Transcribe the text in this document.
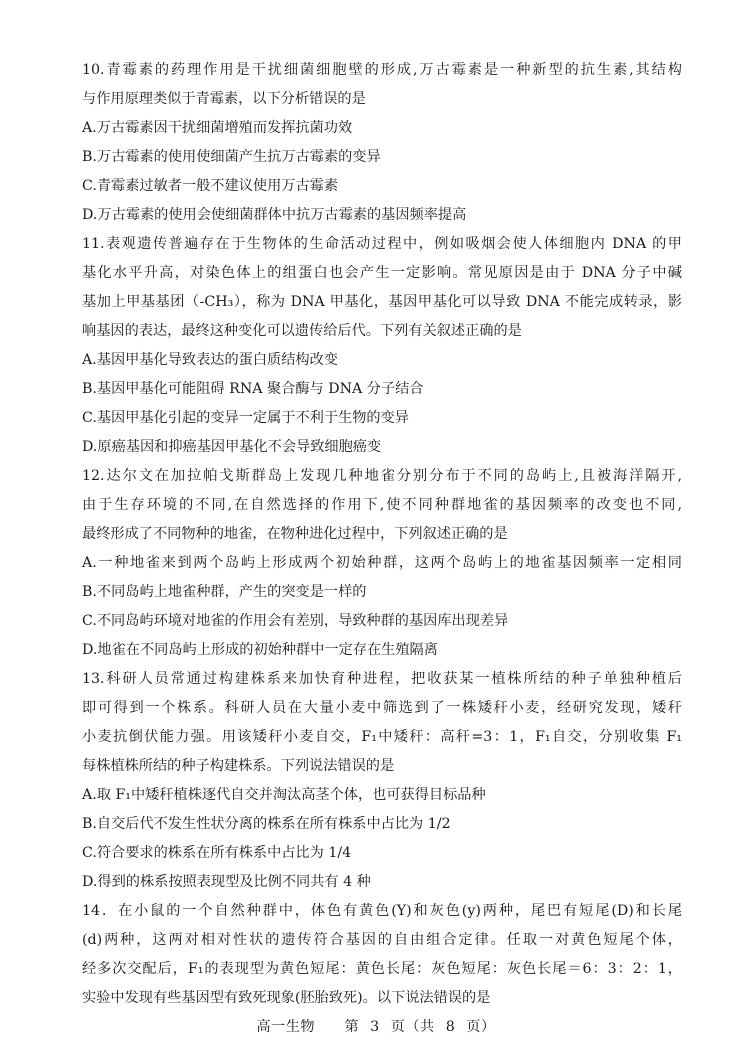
10.青霉素的药理作用是干扰细菌细胞壁的形成,万古霉素是一种新型的抗生素,其结构
与作用原理类似于青霉素，以下分析错误的是
A.万古霉素因干扰细菌增殖而发挥抗菌功效
B.万古霉素的使用使细菌产生抗万古霉素的变异
C.青霉素过敏者一般不建议使用万古霉素
D.万古霉素的使用会使细菌群体中抗万古霉素的基因频率提高
11.表观遗传普遍存在于生物体的生命活动过程中，例如吸烟会使人体细胞内 DNA 的甲
基化水平升高，对染色体上的组蛋白也会产生一定影响。常见原因是由于 DNA 分子中碱
基加上甲基基团（-CH₃），称为 DNA 甲基化，基因甲基化可以导致 DNA 不能完成转录，影
响基因的表达，最终这种变化可以遗传给后代。下列有关叙述正确的是
A.基因甲基化导致表达的蛋白质结构改变
B.基因甲基化可能阻碍 RNA 聚合酶与 DNA 分子结合
C.基因甲基化引起的变异一定属于不利于生物的变异
D.原癌基因和抑癌基因甲基化不会导致细胞癌变
12.达尔文在加拉帕戈斯群岛上发现几种地雀分别分布于不同的岛屿上,且被海洋隔开,
由于生存环境的不同,在自然选择的作用下,使不同种群地雀的基因频率的改变也不同,
最终形成了不同物种的地雀，在物种进化过程中，下列叙述正确的是
A.一种地雀来到两个岛屿上形成两个初始种群，这两个岛屿上的地雀基因频率一定相同
B.不同岛屿上地雀种群，产生的突变是一样的
C.不同岛屿环境对地雀的作用会有差别，导致种群的基因库出现差异
D.地雀在不同岛屿上形成的初始种群中一定存在生殖隔离
13.科研人员常通过构建株系来加快育种进程，把收获某一植株所结的种子单独种植后
即可得到一个株系。科研人员在大量小麦中筛选到了一株矮秆小麦，经研究发现，矮秆
小麦抗倒伏能力强。用该矮秆小麦自交，F₁中矮秆：高秆=3：1，F₁自交，分别收集 F₁
每株植株所结的种子构建株系。下列说法错误的是
A.取 F₁中矮秆植株逐代自交并淘汰高茎个体，也可获得目标品种
B.自交后代不发生性状分离的株系在所有株系中占比为 1/2
C.符合要求的株系在所有株系中占比为 1/4
D.得到的株系按照表现型及比例不同共有 4 种
14．在小鼠的一个自然种群中，体色有黄色(Y)和灰色(y)两种，尾巴有短尾(D)和长尾
(d)两种，这两对相对性状的遗传符合基因的自由组合定律。任取一对黄色短尾个体，
经多次交配后，F₁的表现型为黄色短尾：黄色长尾：灰色短尾：灰色长尾＝6：3：2：1，
实验中发现有些基因型有致死现象(胚胎致死)。以下说法错误的是
高一生物　　第 3 页（共 8 页）
